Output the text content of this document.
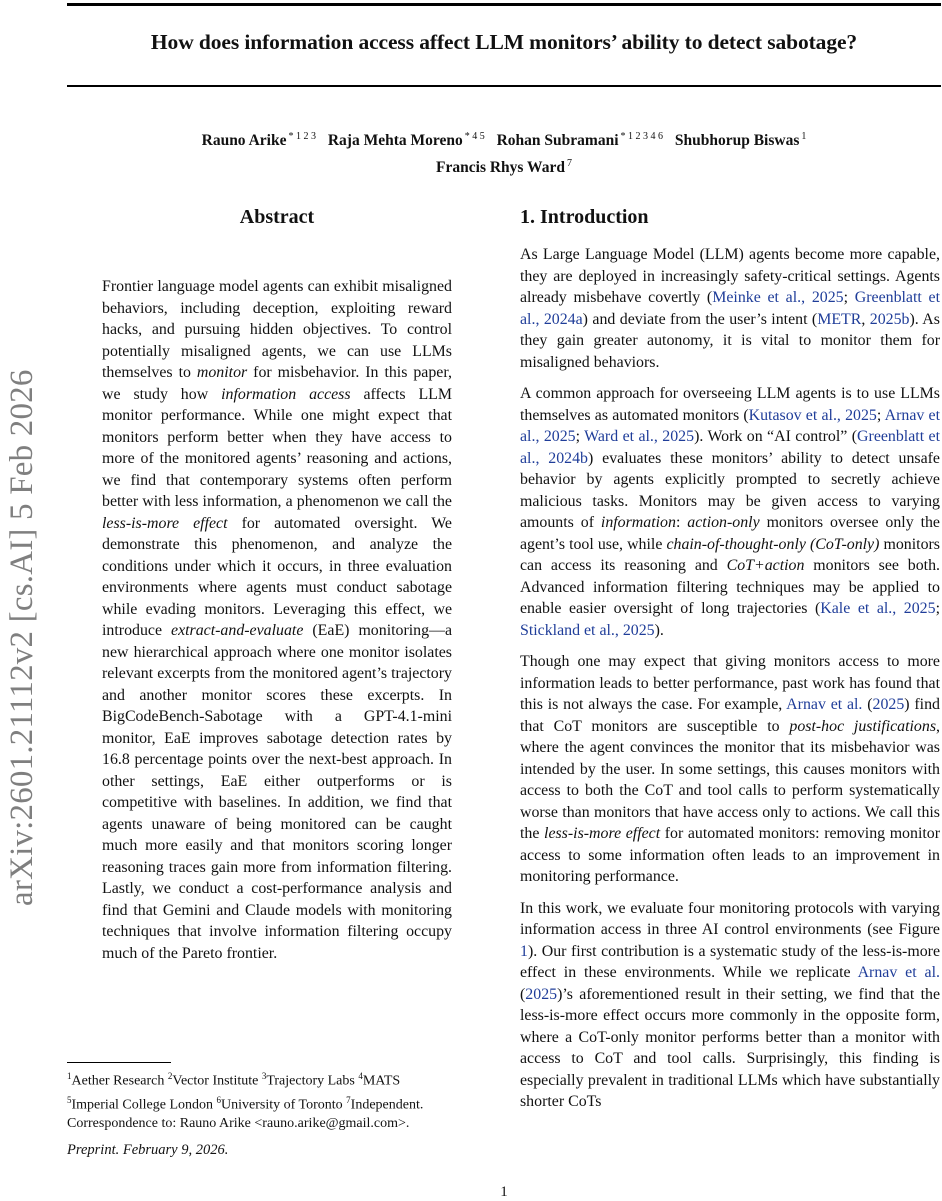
How does information access affect LLM monitors’ ability to detect sabotage?
Rauno Arike $^{* 1 2 3}$ Raja Mehta Moreno $^{* 4 5}$ Rohan Subramani $^{* 1 2 3 4 6}$ Shubhorup Biswas $^1$
Francis Rhys Ward $^7$
arXiv:2601.21112v2 [cs.AI] 5 Feb 2026
Abstract
Frontier language model agents can exhibit misaligned behaviors, including deception, exploiting reward hacks, and pursuing hidden objectives. To control potentially misaligned agents, we can use LLMs themselves to monitor for misbehavior. In this paper, we study how information access affects LLM monitor performance. While one might expect that monitors perform better when they have access to more of the monitored agents’ reasoning and actions, we find that contemporary systems often perform better with less information, a phenomenon we call the less-is-more effect for automated oversight. We demonstrate this phenomenon, and analyze the conditions under which it occurs, in three evaluation environments where agents must conduct sabotage while evading monitors. Leveraging this effect, we introduce extract-and-evaluate (EaE) monitoring—a new hierarchical approach where one monitor isolates relevant excerpts from the monitored agent’s trajectory and another monitor scores these excerpts. In BigCodeBench-Sabotage with a GPT-4.1-mini monitor, EaE improves sabotage detection rates by 16.8 percentage points over the next-best approach. In other settings, EaE either outperforms or is competitive with baselines. In addition, we find that agents unaware of being monitored can be caught much more easily and that monitors scoring longer reasoning traces gain more from information filtering. Lastly, we conduct a cost-performance analysis and find that Gemini and Claude models with monitoring techniques that involve information filtering occupy much of the Pareto frontier.
1. Introduction

As Large Language Model (LLM) agents become more capable, they are deployed in increasingly safety-critical settings. Agents already misbehave covertly (Meinke et al., 2025; Greenblatt et al., 2024a) and deviate from the user’s intent (METR, 2025b). As they gain greater autonomy, it is vital to monitor them for misaligned behaviors.

A common approach for overseeing LLM agents is to use LLMs themselves as automated monitors (Kutasov et al., 2025; Arnav et al., 2025; Ward et al., 2025). Work on “AI control” (Greenblatt et al., 2024b) evaluates these monitors’ ability to detect unsafe behavior by agents explicitly prompted to secretly achieve malicious tasks. Monitors may be given access to varying amounts of information: action-only monitors oversee only the agent’s tool use, while chain-of-thought-only (CoT-only) monitors can access its reasoning and CoT+action monitors see both. Advanced information filtering techniques may be applied to enable easier oversight of long trajectories (Kale et al., 2025; Stickland et al., 2025).

Though one may expect that giving monitors access to more information leads to better performance, past work has found that this is not always the case. For example, Arnav et al. (2025) find that CoT monitors are susceptible to post-hoc justifications, where the agent convinces the monitor that its misbehavior was intended by the user. In some settings, this causes monitors with access to both the CoT and tool calls to perform systematically worse than monitors that have access only to actions. We call this the less-is-more effect for automated monitors: removing monitor access to some information often leads to an improvement in monitoring performance.

In this work, we evaluate four monitoring protocols with varying information access in three AI control environments (see Figure 1). Our first contribution is a systematic study of the less-is-more effect in these environments. While we replicate Arnav et al. (2025)’s aforementioned result in their setting, we find that the less-is-more effect occurs more commonly in the opposite form, where a CoT-only monitor performs better than a monitor with access to CoT and tool calls. Surprisingly, this finding is especially prevalent in traditional LLMs which have substantially shorter CoTs

$^1$Aether Research $^2$Vector Institute $^3$Trajectory Labs $^4$MATS
$^5$Imperial College London $^6$University of Toronto $^7$Independent.
Correspondence to: Rauno Arike <rauno.arike@gmail.com>.
Preprint. February 9, 2026.
1
